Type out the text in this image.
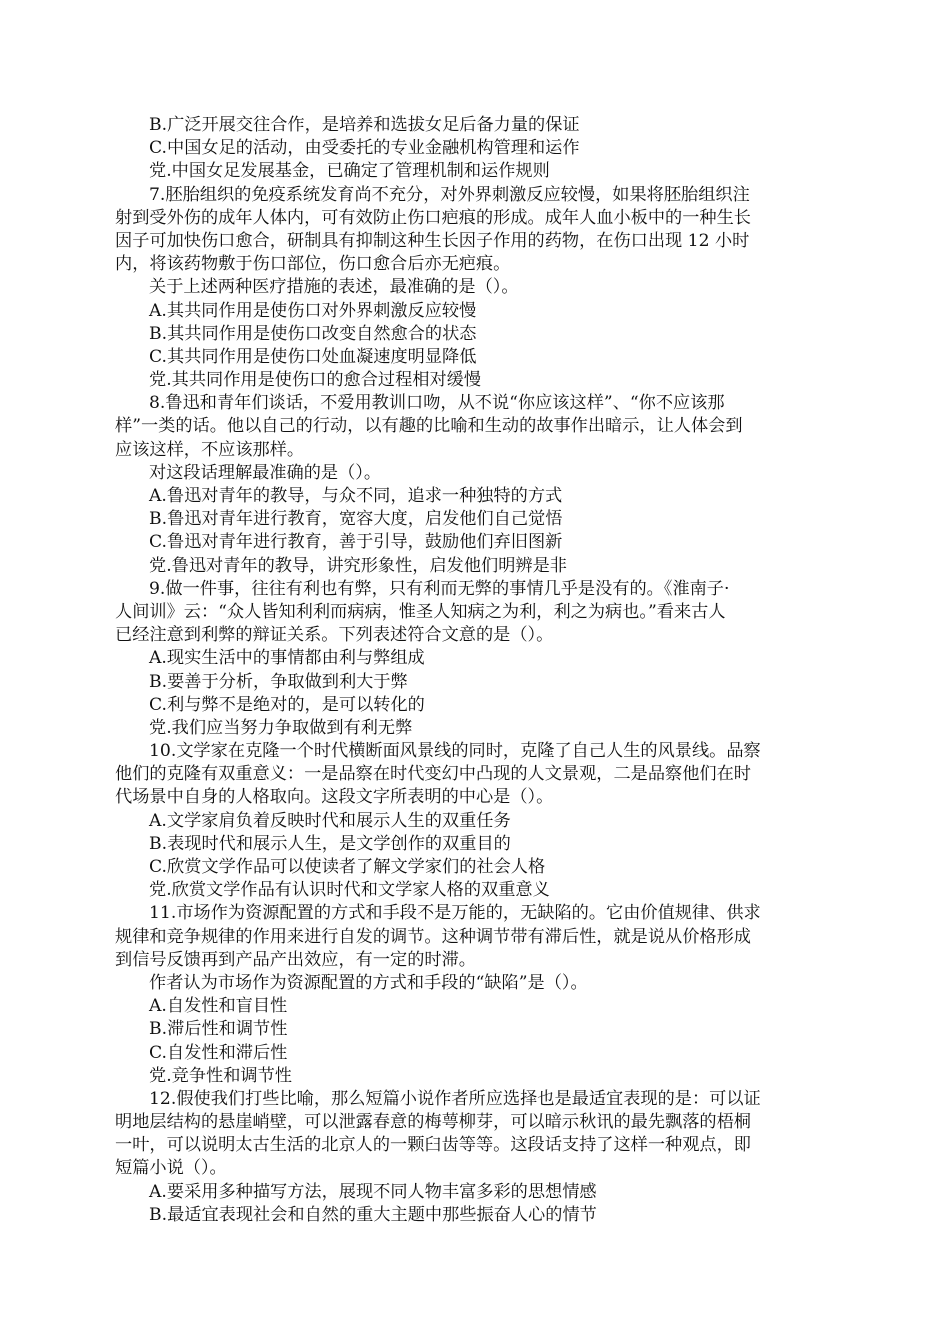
B.广泛开展交往合作，是培养和选拔女足后备力量的保证
C.中国女足的活动，由受委托的专业金融机构管理和运作
党.中国女足发展基金，已确定了管理机制和运作规则
7.胚胎组织的免疫系统发育尚不充分，对外界刺激反应较慢，如果将胚胎组织注
射到受外伤的成年人体内，可有效防止伤口疤痕的形成。成年人血小板中的一种生长
因子可加快伤口愈合，研制具有抑制这种生长因子作用的药物，在伤口出现 12 小时
内，将该药物敷于伤口部位，伤口愈合后亦无疤痕。
关于上述两种医疗措施的表述，最准确的是（）。
A.其共同作用是使伤口对外界刺激反应较慢
B.其共同作用是使伤口改变自然愈合的状态
C.其共同作用是使伤口处血凝速度明显降低
党.其共同作用是使伤口的愈合过程相对缓慢
8.鲁迅和青年们谈话，不爱用教训口吻，从不说“你应该这样”、“你不应该那
样”一类的话。他以自己的行动，以有趣的比喻和生动的故事作出暗示，让人体会到
应该这样，不应该那样。
对这段话理解最准确的是（）。
A.鲁迅对青年的教导，与众不同，追求一种独特的方式
B.鲁迅对青年进行教育，宽容大度，启发他们自己觉悟
C.鲁迅对青年进行教育，善于引导，鼓励他们弃旧图新
党.鲁迅对青年的教导，讲究形象性，启发他们明辨是非
9.做一件事，往往有利也有弊，只有利而无弊的事情几乎是没有的。《淮南子·
人间训》云：“众人皆知利利而病病，惟圣人知病之为利，利之为病也。”看来古人
已经注意到利弊的辩证关系。下列表述符合文意的是（）。
A.现实生活中的事情都由利与弊组成
B.要善于分析，争取做到利大于弊
C.利与弊不是绝对的，是可以转化的
党.我们应当努力争取做到有利无弊
10.文学家在克隆一个时代横断面风景线的同时，克隆了自己人生的风景线。品察
他们的克隆有双重意义：一是品察在时代变幻中凸现的人文景观，二是品察他们在时
代场景中自身的人格取向。这段文字所表明的中心是（）。
A.文学家肩负着反映时代和展示人生的双重任务
B.表现时代和展示人生，是文学创作的双重目的
C.欣赏文学作品可以使读者了解文学家们的社会人格
党.欣赏文学作品有认识时代和文学家人格的双重意义
11.市场作为资源配置的方式和手段不是万能的，无缺陷的。它由价值规律、供求
规律和竞争规律的作用来进行自发的调节。这种调节带有滞后性，就是说从价格形成
到信号反馈再到产品产出效应，有一定的时滞。
作者认为市场作为资源配置的方式和手段的“缺陷”是（）。
A.自发性和盲目性
B.滞后性和调节性
C.自发性和滞后性
党.竞争性和调节性
12.假使我们打些比喻，那么短篇小说作者所应选择也是最适宜表现的是：可以证
明地层结构的悬崖峭壁，可以泄露春意的梅萼柳芽，可以暗示秋讯的最先飘落的梧桐
一叶，可以说明太古生活的北京人的一颗臼齿等等。这段话支持了这样一种观点，即
短篇小说（）。
A.要采用多种描写方法，展现不同人物丰富多彩的思想情感
B.最适宜表现社会和自然的重大主题中那些振奋人心的情节
